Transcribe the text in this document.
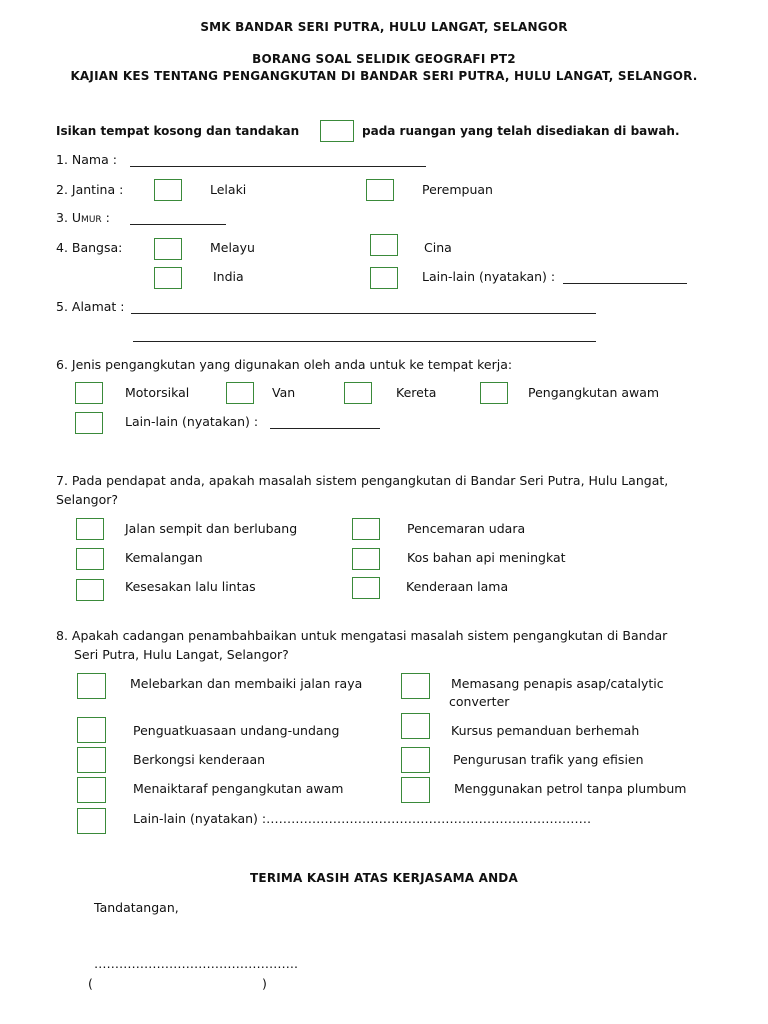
SMK BANDAR SERI PUTRA, HULU LANGAT, SELANGOR
BORANG SOAL SELIDIK GEOGRAFI PT2
KAJIAN KES TENTANG PENGANGKUTAN DI BANDAR SERI PUTRA, HULU LANGAT, SELANGOR.
Isikan tempat kosong dan tandakan	pada ruangan yang telah disediakan di bawah.
1. Nama :
2. Jantina :	Lelaki	Perempuan
3. Umur :
4. Bangsa:	Melayu	Cina
India	Lain-lain (nyatakan) :
5. Alamat :
6. Jenis pengangkutan yang digunakan oleh anda untuk ke tempat kerja:
Motorsikal	Van	Kereta	Pengangkutan awam
Lain-lain (nyatakan) :
7. Pada pendapat anda, apakah masalah sistem pengangkutan di Bandar Seri Putra, Hulu Langat,
Selangor?
Jalan sempit dan berlubang	Pencemaran udara
Kemalangan	Kos bahan api meningkat
Kesesakan lalu lintas	Kenderaan lama
8. Apakah cadangan penambahbaikan untuk mengatasi masalah sistem pengangkutan di Bandar
Seri Putra, Hulu Langat, Selangor?
Melebarkan dan membaiki jalan raya	Memasang penapis asap/catalytic
converter
Penguatkuasaan undang-undang	Kursus pemanduan berhemah
Berkongsi kenderaan	Pengurusan trafik yang efisien
Menaiktaraf pengangkutan awam	Menggunakan petrol tanpa plumbum
Lain-lain (nyatakan) :……………………………………………………………………
TERIMA KASIH ATAS KERJASAMA ANDA
Tandatangan,
………………………………………….
(	)
